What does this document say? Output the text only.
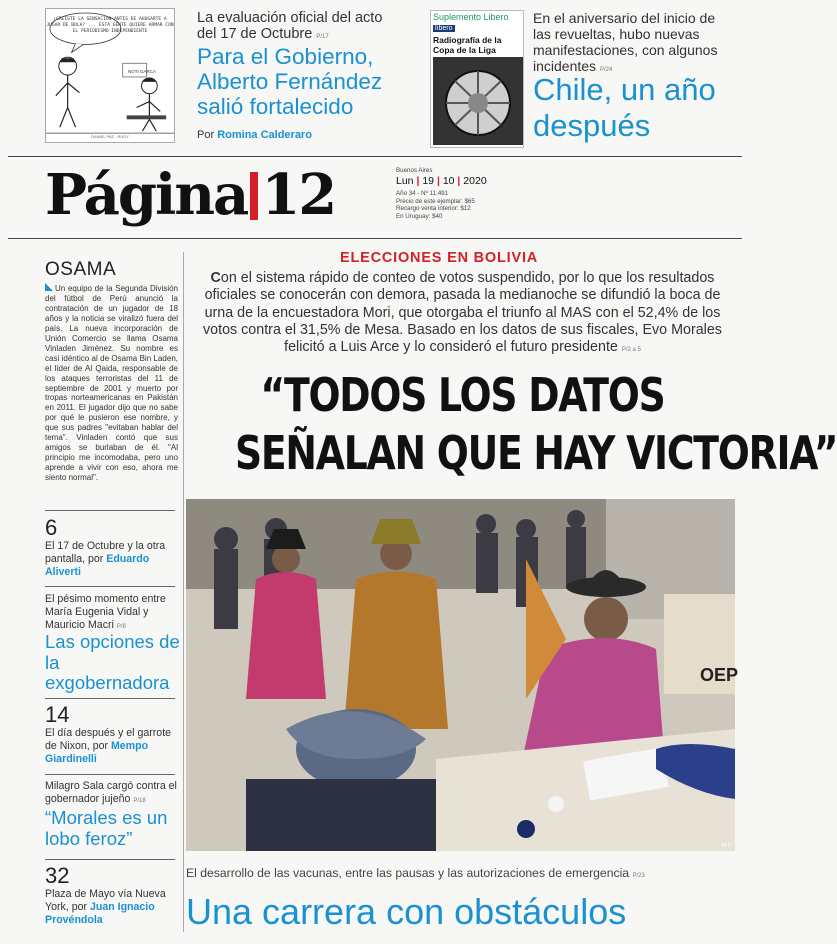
¿CREÍSTE LA SENSACIÓN ANTES DE AHOGARTE A JUGAR DE BOLA? ... ESTÁ GENTE QUIERE ARMAR CON EL PERIODISMO INDEPENDIENTE
NOTI GARCA
DANIEL PAZ - RUDY
La evaluación oficial del acto del 17 de Octubre P/17
Para el Gobierno, Alberto Fernández salió fortalecido
Por Romina Calderaro
Suplemento Libero
líbero
Radiografía de la Copa de la Liga
En el aniversario del inicio de las revueltas, hubo nuevas manifestaciones, con algunos incidentes P/24
Chile, un año después
Página 12	Buenos Aires
Lun | 19 | 10 | 2020
Año 34 - Nº 11.491
Precio de este ejemplar: $65
Recargo venta interior: $12
En Uruguay: $40
OSAMA
Un equipo de la Segunda División del fútbol de Perú anunció la contratación de un jugador de 18 años y la noticia se viralizó fuera del país. La nueva incorporación de Unión Comercio se llama Osama Vinladen Jiménez. Su nombre es casi idéntico al de Osama Bin Laden, el líder de Al Qaida, responsable de los ataques terroristas del 11 de septiembre de 2001 y muerto por tropas norteamericanas en Pakistán en 2011. El jugador dijo que no sabe por qué le pusieron ese nombre, y que sus padres "evitaban hablar del tema". Vinladen contó que sus amigos se burlaban de él. "Al principio me incomodaba, pero uno aprende a vivir con eso, ahora me siento normal".
6
El 17 de Octubre y la otra pantalla, por Eduardo Aliverti
El pésimo momento entre María Eugenia Vidal y Mauricio Macri P/8
Las opciones de la exgobernadora
14
El día después y el garrote de Nixon, por Mempo Giardinelli
Milagro Sala cargó contra el gobernador jujeño P/18
“Morales es un lobo feroz”
32
Plaza de Mayo vía Nueva York, por Juan Ignacio Provéndola
ELECCIONES EN BOLIVIA
Con el sistema rápido de conteo de votos suspendido, por lo que los resultados oficiales se conocerán con demora, pasada la medianoche se difundió la boca de urna de la encuestadora Mori, que otorgaba el triunfo al MAS con el 52,4% de los votos contra el 31,5% de Mesa. Basado en los datos de sus fiscales, Evo Morales felicitó a Luis Arce y lo consideró el futuro presidente P/2 a 5
“TODOS LOS DATOS
SEÑALAN QUE HAY VICTORIA”
OEP
AFP
El desarrollo de las vacunas, entre las pausas y las autorizaciones de emergencia P/23
Una carrera con obstáculos
